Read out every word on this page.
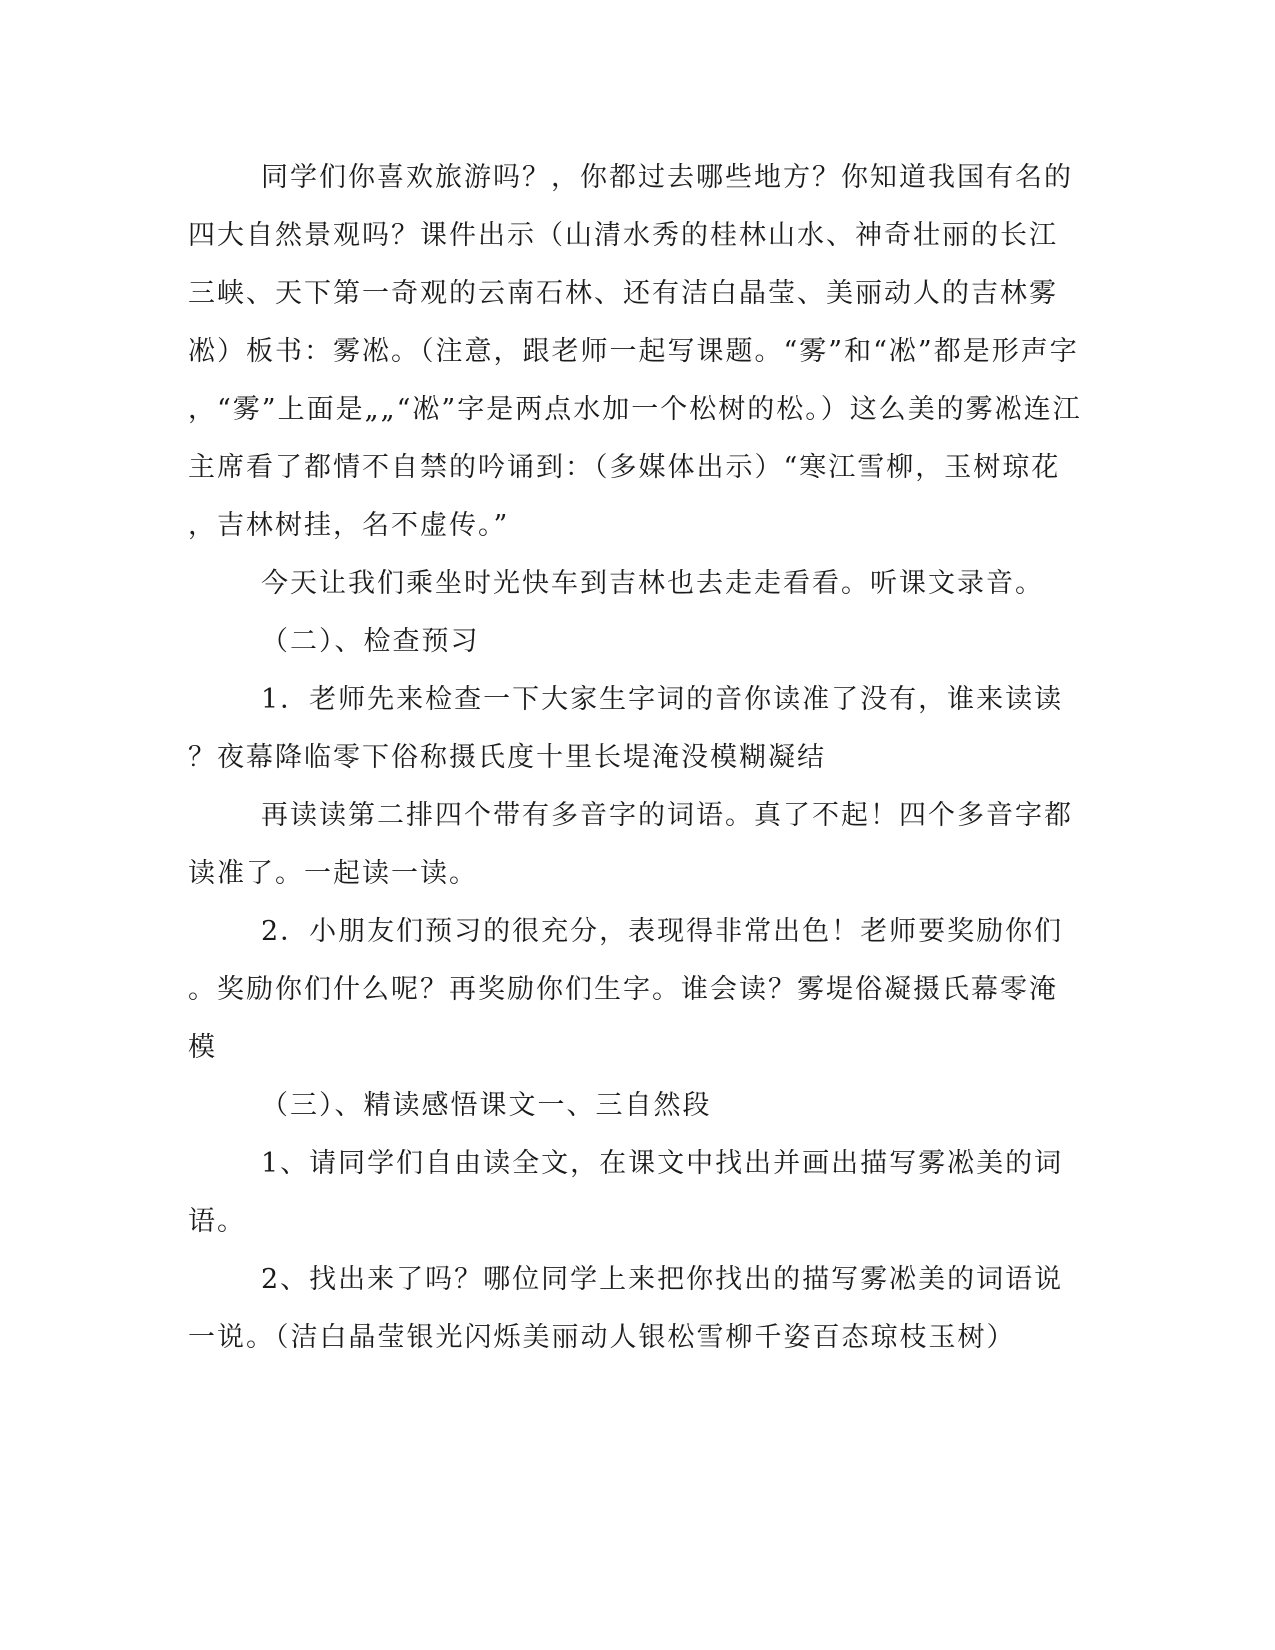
同学们你喜欢旅游吗？，你都过去哪些地方？你知道我国有名的
四大自然景观吗？课件出示（山清水秀的桂林山水、神奇壮丽的长江
三峡、天下第一奇观的云南石林、还有洁白晶莹、美丽动人的吉林雾
凇）板书：雾凇。（注意，跟老师一起写课题。“雾”和“凇”都是形声字
，“雾”上面是„„“凇”字是两点水加一个松树的松。）这么美的雾凇连江
主席看了都情不自禁的吟诵到：（多媒体出示）“寒江雪柳，玉树琼花
，吉林树挂，名不虚传。”
今天让我们乘坐时光快车到吉林也去走走看看。听课文录音。
（二）、检查预习
1．老师先来检查一下大家生字词的音你读准了没有，谁来读读
？夜幕降临零下俗称摄氏度十里长堤淹没模糊凝结
再读读第二排四个带有多音字的词语。真了不起！四个多音字都
读准了。一起读一读。
2．小朋友们预习的很充分，表现得非常出色！老师要奖励你们
。奖励你们什么呢？再奖励你们生字。谁会读？雾堤俗凝摄氏幕零淹
模
（三）、精读感悟课文一、三自然段
1、请同学们自由读全文，在课文中找出并画出描写雾凇美的词
语。
2、找出来了吗？哪位同学上来把你找出的描写雾凇美的词语说
一说。（洁白晶莹银光闪烁美丽动人银松雪柳千姿百态琼枝玉树）
